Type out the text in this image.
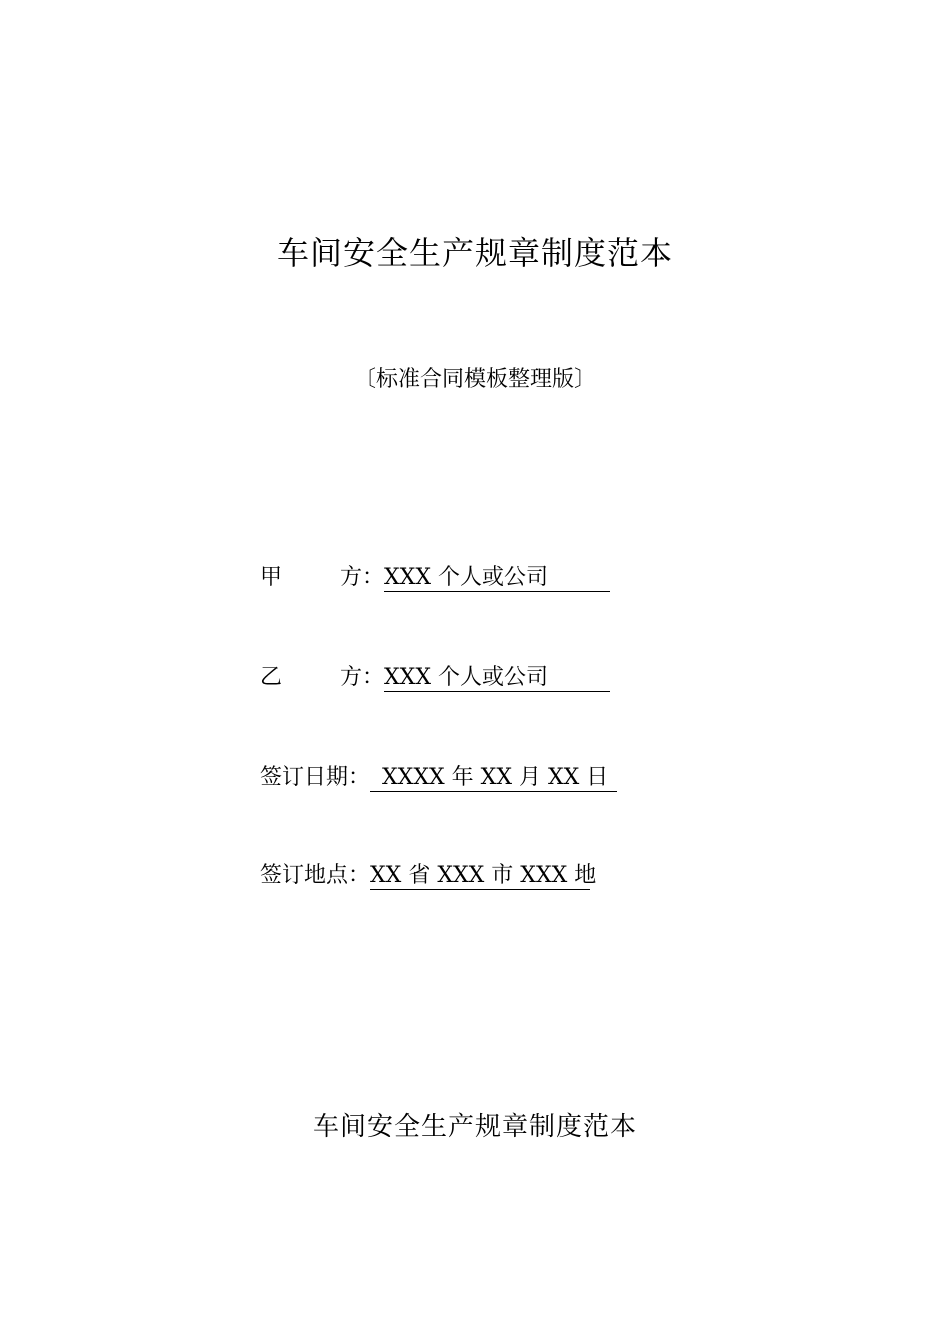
车间安全生产规章制度范本
〔标准合同模板整理版〕
甲	方： XXX 个人或公司
乙	方： XXX 个人或公司
签订日期： XXXX 年 XX 月 XX 日
签订地点： XX 省 XXX 市 XXX 地
车间安全生产规章制度范本
